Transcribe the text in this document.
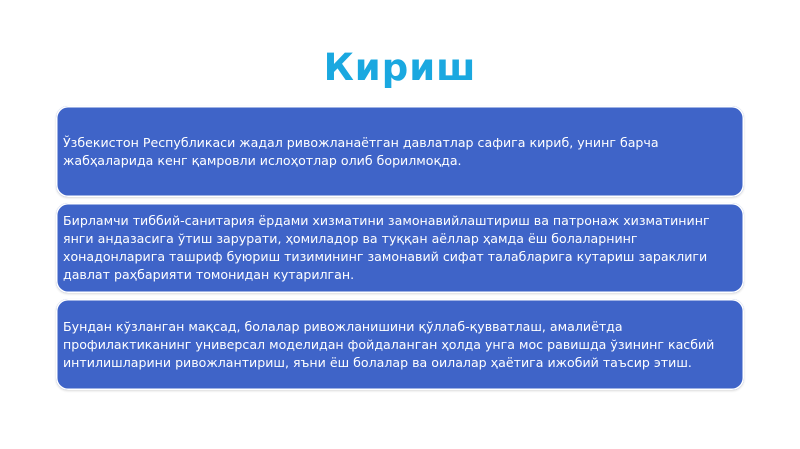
Кириш
Ўзбекистон Республикаси жадал ривожланаётган давлатлар сафига кириб, унинг барча жабҳаларида кенг қамровли ислоҳотлар олиб борилмоқда.
Бирламчи тиббий-санитария ёрдами хизматини замонавийлаштириш ва патронаж хизматининг янги андазасига ўтиш зарурати, ҳомиладор ва туққан аёллар ҳамда ёш болаларнинг хонадонларига ташриф буюриш тизимининг замонавий сифат талабларига кутариш зараклиги давлат раҳбарияти томонидан кутарилган.
Бундан кўзланган мақсад, болалар ривожланишини қўллаб-қувватлаш, амалиётда профилактиканинг универсал моделидан фойдаланган ҳолда унга мос равишда ўзининг касбий интилишларини ривожлантириш, яъни ёш болалар ва оилалар ҳаётига ижобий таъсир этиш.
